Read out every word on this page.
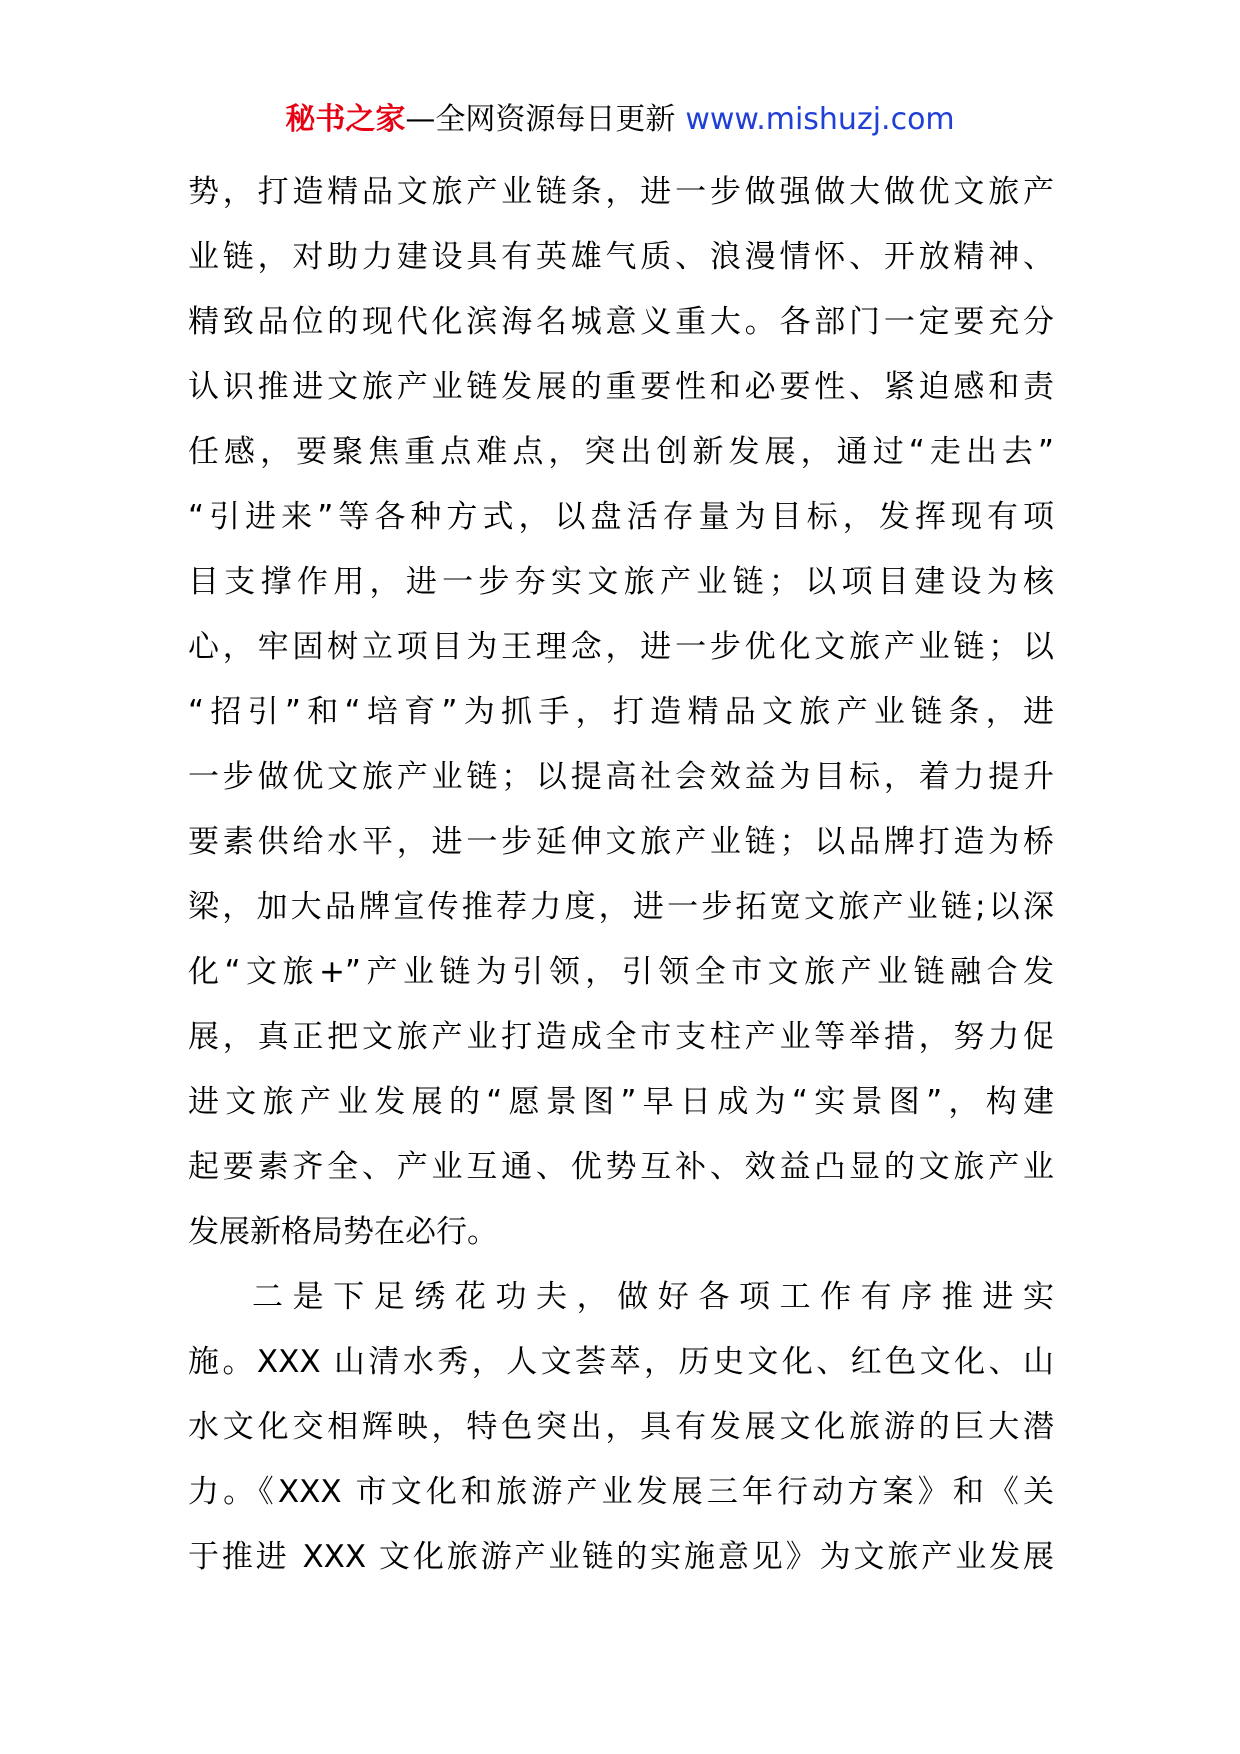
秘书之家—全网资源每日更新 www.mishuzj.com
势，打造精品文旅产业链条，进一步做强做大做优文旅产
业链，对助力建设具有英雄气质、浪漫情怀、开放精神、
精致品位的现代化滨海名城意义重大。各部门一定要充分
认识推进文旅产业链发展的重要性和必要性、紧迫感和责
任感，要聚焦重点难点，突出创新发展，通过“走出去”
“引进来”等各种方式，以盘活存量为目标，发挥现有项
目支撑作用，进一步夯实文旅产业链；以项目建设为核
心，牢固树立项目为王理念，进一步优化文旅产业链；以
“招引”和“培育”为抓手，打造精品文旅产业链条，进
一步做优文旅产业链；以提高社会效益为目标，着力提升
要素供给水平，进一步延伸文旅产业链；以品牌打造为桥
梁，加大品牌宣传推荐力度，进一步拓宽文旅产业链;以深
化“文旅+”产业链为引领，引领全市文旅产业链融合发
展，真正把文旅产业打造成全市支柱产业等举措，努力促
进文旅产业发展的“愿景图”早日成为“实景图”，构建
起要素齐全、产业互通、优势互补、效益凸显的文旅产业
发展新格局势在必行。
二是下足绣花功夫，做好各项工作有序推进实
施。XXX 山清水秀，人文荟萃，历史文化、红色文化、山
水文化交相辉映，特色突出，具有发展文化旅游的巨大潜
力。《XXX 市文化和旅游产业发展三年行动方案》和《关
于推进 XXX 文化旅游产业链的实施意见》为文旅产业发展
